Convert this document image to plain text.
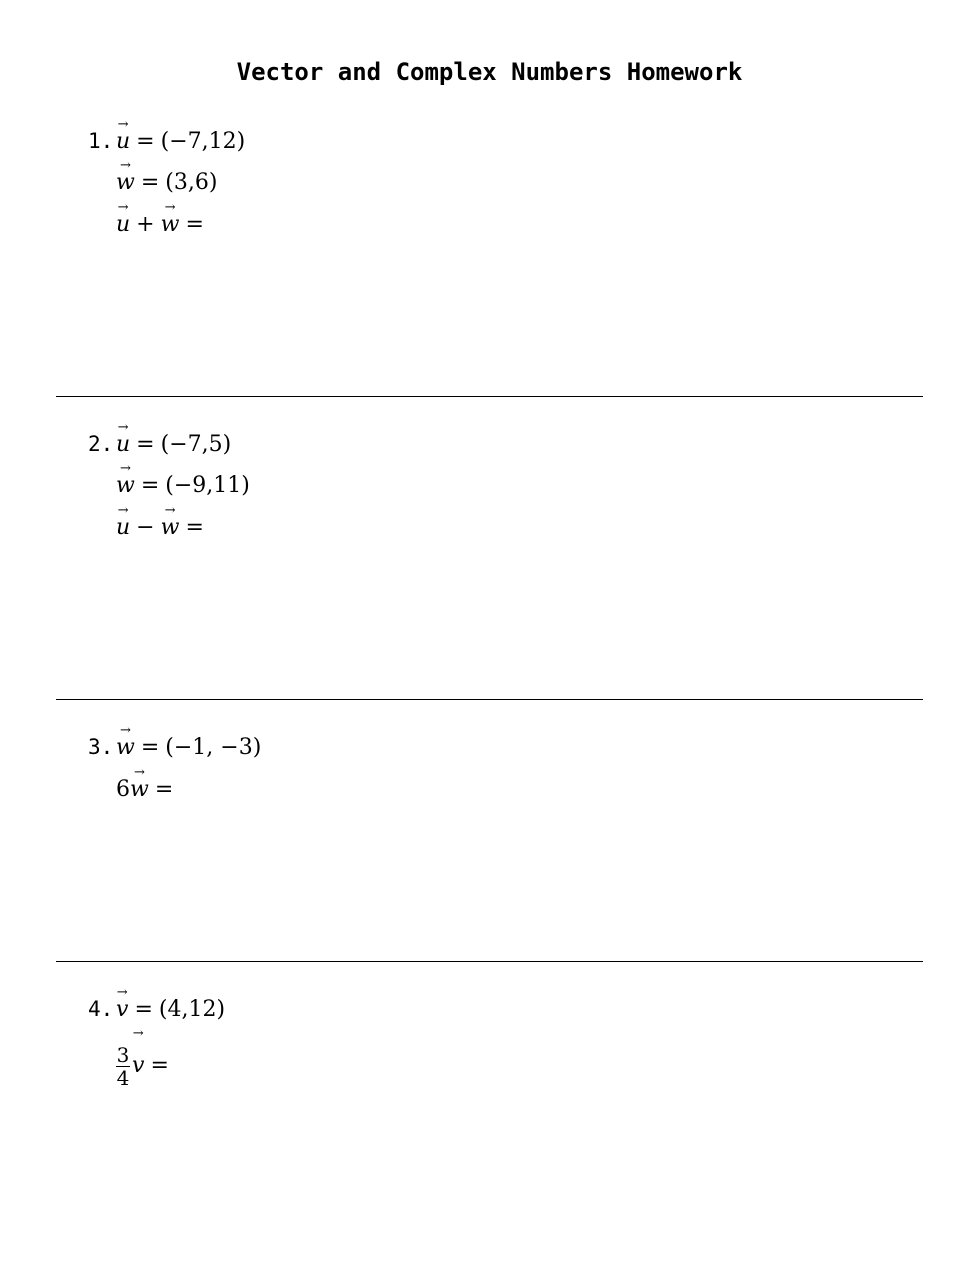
Vector and Complex Numbers Homework
1.
→
u = (−7,12)
→
w = (3,6)
→
u +
→
w =
2.
→
u = (−7,5)
→
w = (−9,11)
→
u −
→
w =
3.
→
w = (−1, −3)
6
→
w =
4.
→
v = (4,12)
$\frac{3}{4}$
→
v =
